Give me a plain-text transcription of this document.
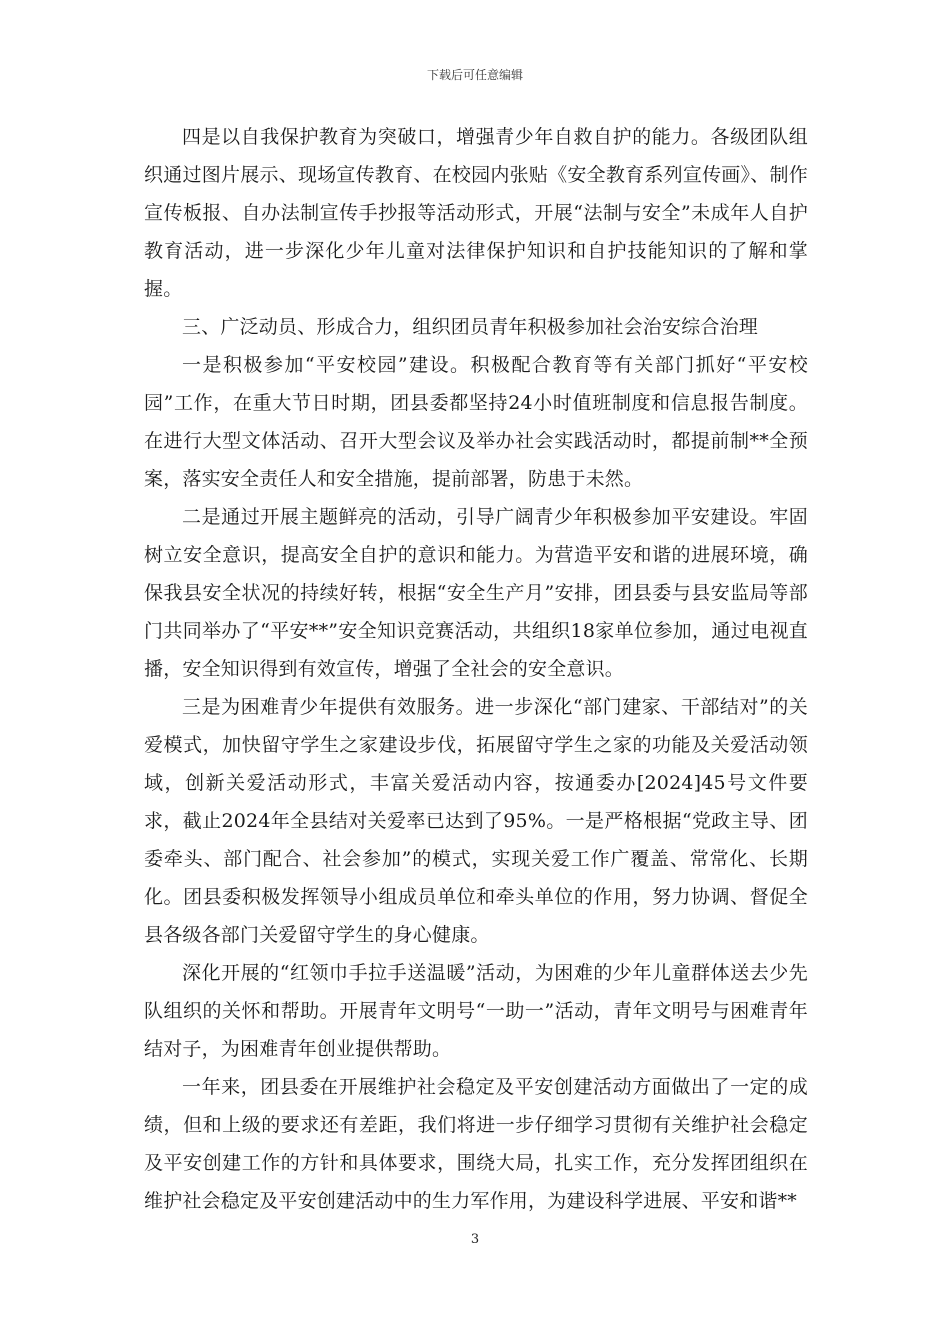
下载后可任意编辑

四是以自我保护教育为突破口，增强青少年自救自护的能力。各级团队组织通过图片展示、现场宣传教育、在校园内张贴《安全教育系列宣传画》、制作宣传板报、自办法制宣传手抄报等活动形式，开展“法制与安全”未成年人自护教育活动，进一步深化少年儿童对法律保护知识和自护技能知识的了解和掌握。

三、广泛动员、形成合力，组织团员青年积极参加社会治安综合治理

一是积极参加“平安校园”建设。积极配合教育等有关部门抓好“平安校园”工作，在重大节日时期，团县委都坚持24小时值班制度和信息报告制度。在进行大型文体活动、召开大型会议及举办社会实践活动时，都提前制**全预案，落实安全责任人和安全措施，提前部署，防患于未然。

二是通过开展主题鲜亮的活动，引导广阔青少年积极参加平安建设。牢固树立安全意识，提高安全自护的意识和能力。为营造平安和谐的进展环境，确保我县安全状况的持续好转，根据“安全生产月”安排，团县委与县安监局等部门共同举办了“平安**”安全知识竞赛活动，共组织18家单位参加，通过电视直播，安全知识得到有效宣传，增强了全社会的安全意识。

三是为困难青少年提供有效服务。进一步深化“部门建家、干部结对”的关爱模式，加快留守学生之家建设步伐，拓展留守学生之家的功能及关爱活动领域，创新关爱活动形式，丰富关爱活动内容，按通委办[2024]45号文件要求，截止2024年全县结对关爱率已达到了95%。一是严格根据“党政主导、团委牵头、部门配合、社会参加”的模式，实现关爱工作广覆盖、常常化、长期化。团县委积极发挥领导小组成员单位和牵头单位的作用，努力协调、督促全县各级各部门关爱留守学生的身心健康。

深化开展的“红领巾手拉手送温暖”活动，为困难的少年儿童群体送去少先队组织的关怀和帮助。开展青年文明号“一助一”活动，青年文明号与困难青年结对子，为困难青年创业提供帮助。

一年来，团县委在开展维护社会稳定及平安创建活动方面做出了一定的成绩，但和上级的要求还有差距，我们将进一步仔细学习贯彻有关维护社会稳定及平安创建工作的方针和具体要求，围绕大局，扎实工作，充分发挥团组织在维护社会稳定及平安创建活动中的生力军作用，为建设科学进展、平安和谐**

3
